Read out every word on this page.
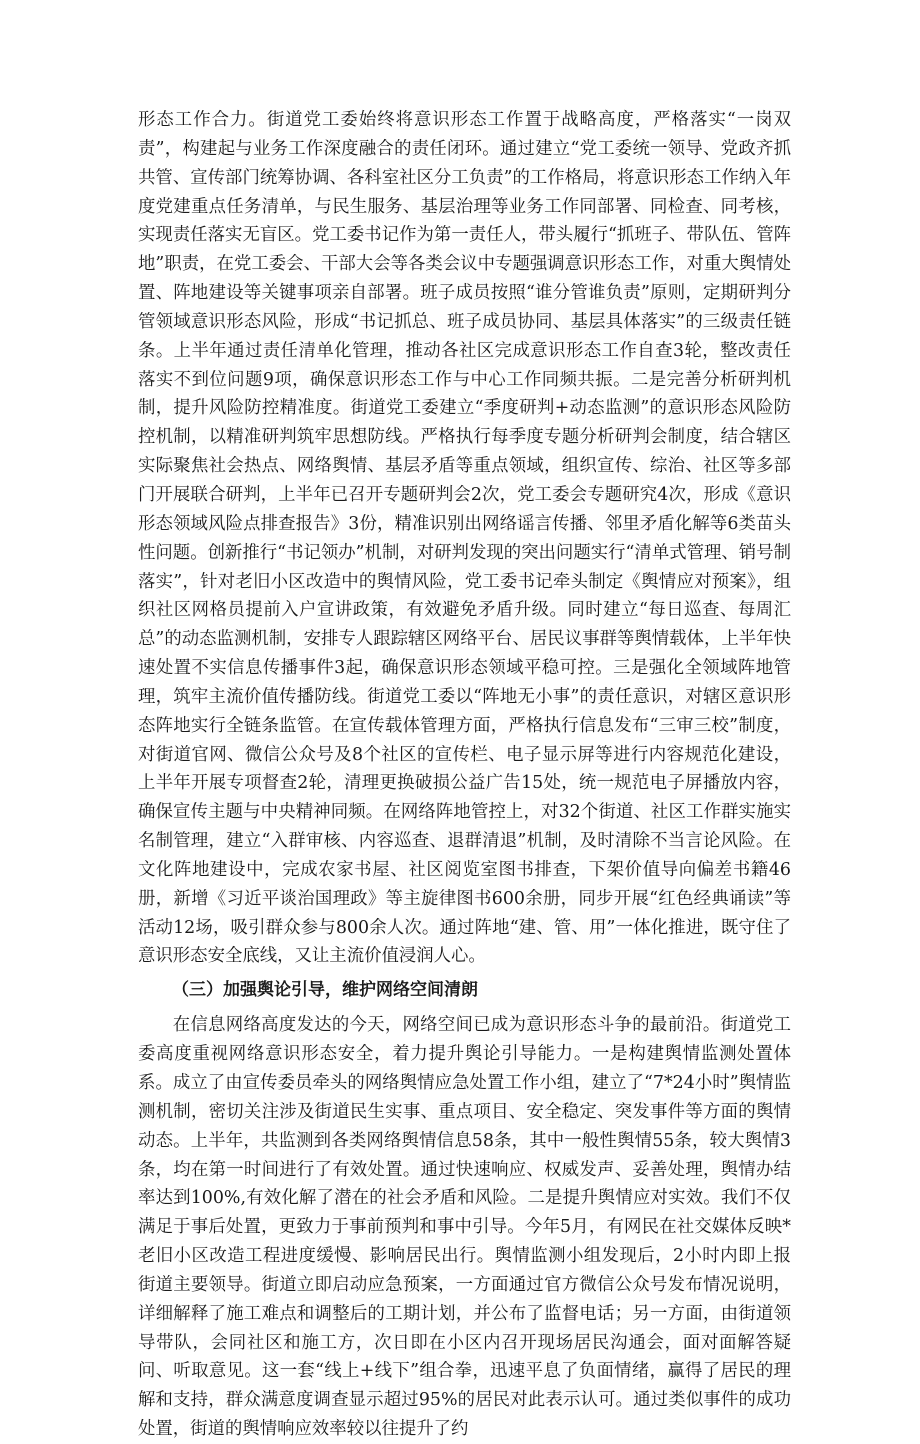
形态工作合力。街道党工委始终将意识形态工作置于战略高度，严格落实“一岗双责”，构建起与业务工作深度融合的责任闭环。通过建立“党工委统一领导、党政齐抓共管、宣传部门统筹协调、各科室社区分工负责”的工作格局，将意识形态工作纳入年度党建重点任务清单，与民生服务、基层治理等业务工作同部署、同检查、同考核，实现责任落实无盲区。党工委书记作为第一责任人，带头履行“抓班子、带队伍、管阵地”职责，在党工委会、干部大会等各类会议中专题强调意识形态工作，对重大舆情处置、阵地建设等关键事项亲自部署。班子成员按照“谁分管谁负责”原则，定期研判分管领域意识形态风险，形成“书记抓总、班子成员协同、基层具体落实”的三级责任链条。上半年通过责任清单化管理，推动各社区完成意识形态工作自查3轮，整改责任落实不到位问题9项，确保意识形态工作与中心工作同频共振。二是完善分析研判机制，提升风险防控精准度。街道党工委建立“季度研判+动态监测”的意识形态风险防控机制，以精准研判筑牢思想防线。严格执行每季度专题分析研判会制度，结合辖区实际聚焦社会热点、网络舆情、基层矛盾等重点领域，组织宣传、综治、社区等多部门开展联合研判，上半年已召开专题研判会2次，党工委会专题研究4次，形成《意识形态领域风险点排查报告》3份，精准识别出网络谣言传播、邻里矛盾化解等6类苗头性问题。创新推行“书记领办”机制，对研判发现的突出问题实行“清单式管理、销号制落实”，针对老旧小区改造中的舆情风险，党工委书记牵头制定《舆情应对预案》，组织社区网格员提前入户宣讲政策，有效避免矛盾升级。同时建立“每日巡查、每周汇总”的动态监测机制，安排专人跟踪辖区网络平台、居民议事群等舆情载体，上半年快速处置不实信息传播事件3起，确保意识形态领域平稳可控。三是强化全领域阵地管理，筑牢主流价值传播防线。街道党工委以“阵地无小事”的责任意识，对辖区意识形态阵地实行全链条监管。在宣传载体管理方面，严格执行信息发布“三审三校”制度，对街道官网、微信公众号及8个社区的宣传栏、电子显示屏等进行内容规范化建设，上半年开展专项督查2轮，清理更换破损公益广告15处，统一规范电子屏播放内容，确保宣传主题与中央精神同频。在网络阵地管控上，对32个街道、社区工作群实施实名制管理，建立“入群审核、内容巡查、退群清退”机制，及时清除不当言论风险。在文化阵地建设中，完成农家书屋、社区阅览室图书排查，下架价值导向偏差书籍46册，新增《习近平谈治国理政》等主旋律图书600余册，同步开展“红色经典诵读”等活动12场，吸引群众参与800余人次。通过阵地“建、管、用”一体化推进，既守住了意识形态安全底线，又让主流价值浸润人心。

（三）加强舆论引导，维护网络空间清朗

在信息网络高度发达的今天，网络空间已成为意识形态斗争的最前沿。街道党工委高度重视网络意识形态安全，着力提升舆论引导能力。一是构建舆情监测处置体系。成立了由宣传委员牵头的网络舆情应急处置工作小组，建立了“7*24小时”舆情监测机制，密切关注涉及街道民生实事、重点项目、安全稳定、突发事件等方面的舆情动态。上半年，共监测到各类网络舆情信息58条，其中一般性舆情55条，较大舆情3条，均在第一时间进行了有效处置。通过快速响应、权威发声、妥善处理，舆情办结率达到100%,有效化解了潜在的社会矛盾和风险。二是提升舆情应对实效。我们不仅满足于事后处置，更致力于事前预判和事中引导。今年5月，有网民在社交媒体反映*老旧小区改造工程进度缓慢、影响居民出行。舆情监测小组发现后，2小时内即上报街道主要领导。街道立即启动应急预案，一方面通过官方微信公众号发布情况说明，详细解释了施工难点和调整后的工期计划，并公布了监督电话；另一方面，由街道领导带队，会同社区和施工方，次日即在小区内召开现场居民沟通会，面对面解答疑问、听取意见。这一套“线上+线下”组合拳，迅速平息了负面情绪，赢得了居民的理解和支持，群众满意度调查显示超过95%的居民对此表示认可。通过类似事件的成功处置，街道的舆情响应效率较以往提升了约
